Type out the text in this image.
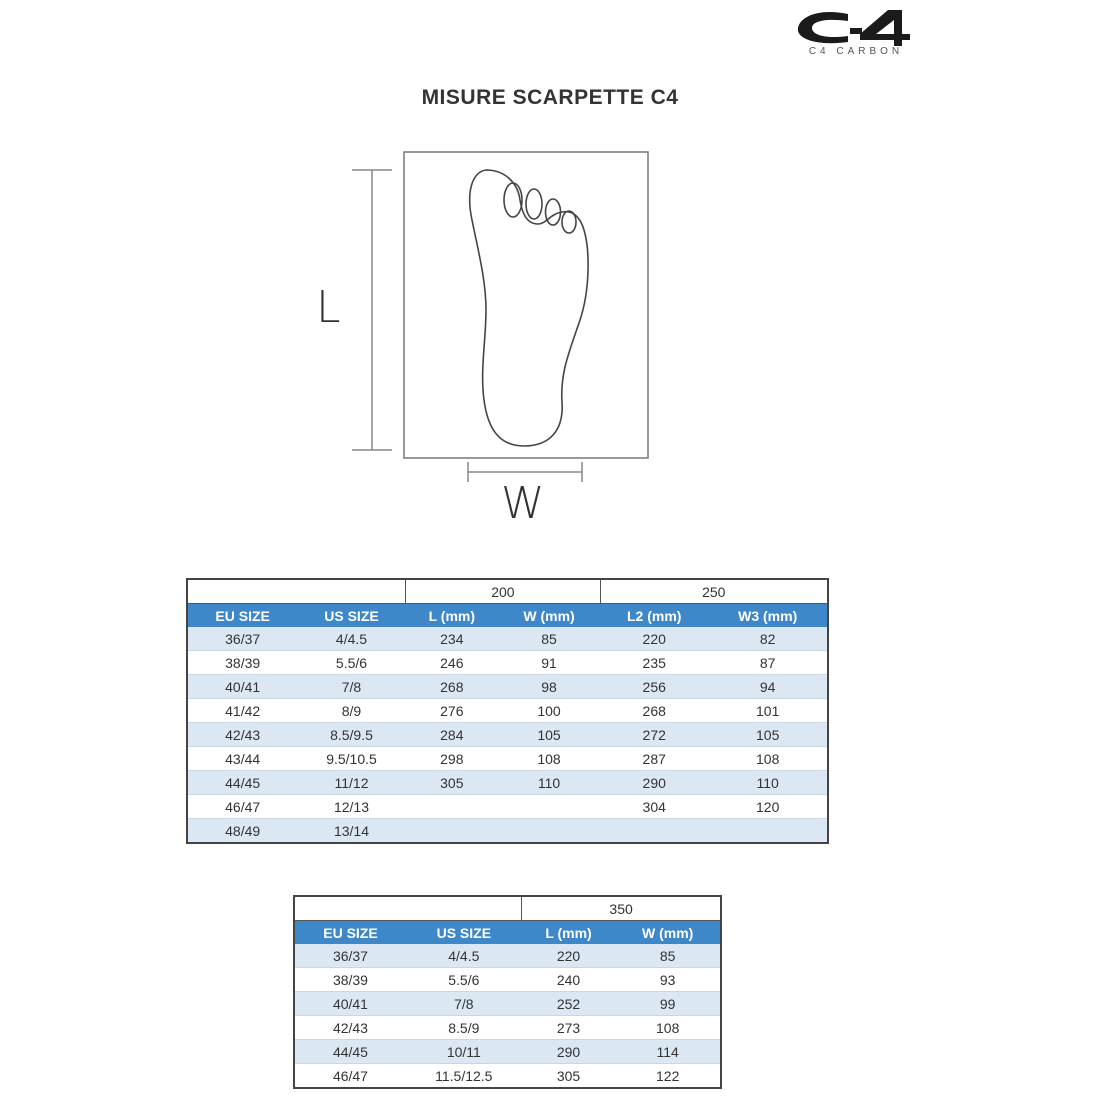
C4 CARBON
MISURE SCARPETTE C4
L
W
		200		250	
EU SIZE	US SIZE	L (mm)	W (mm)	L2 (mm)	W3 (mm)
36/37	4/4.5	234	85	220	82
38/39	5.5/6	246	91	235	87
40/41	7/8	268	98	256	94
41/42	8/9	276	100	268	101
42/43	8.5/9.5	284	105	272	105
43/44	9.5/10.5	298	108	287	108
44/45	11/12	305	110	290	110
46/47	12/13			304	120
48/49	13/14				
		350	
EU SIZE	US SIZE	L (mm)	W (mm)
36/37	4/4.5	220	85
38/39	5.5/6	240	93
40/41	7/8	252	99
42/43	8.5/9	273	108
44/45	10/11	290	114
46/47	11.5/12.5	305	122
